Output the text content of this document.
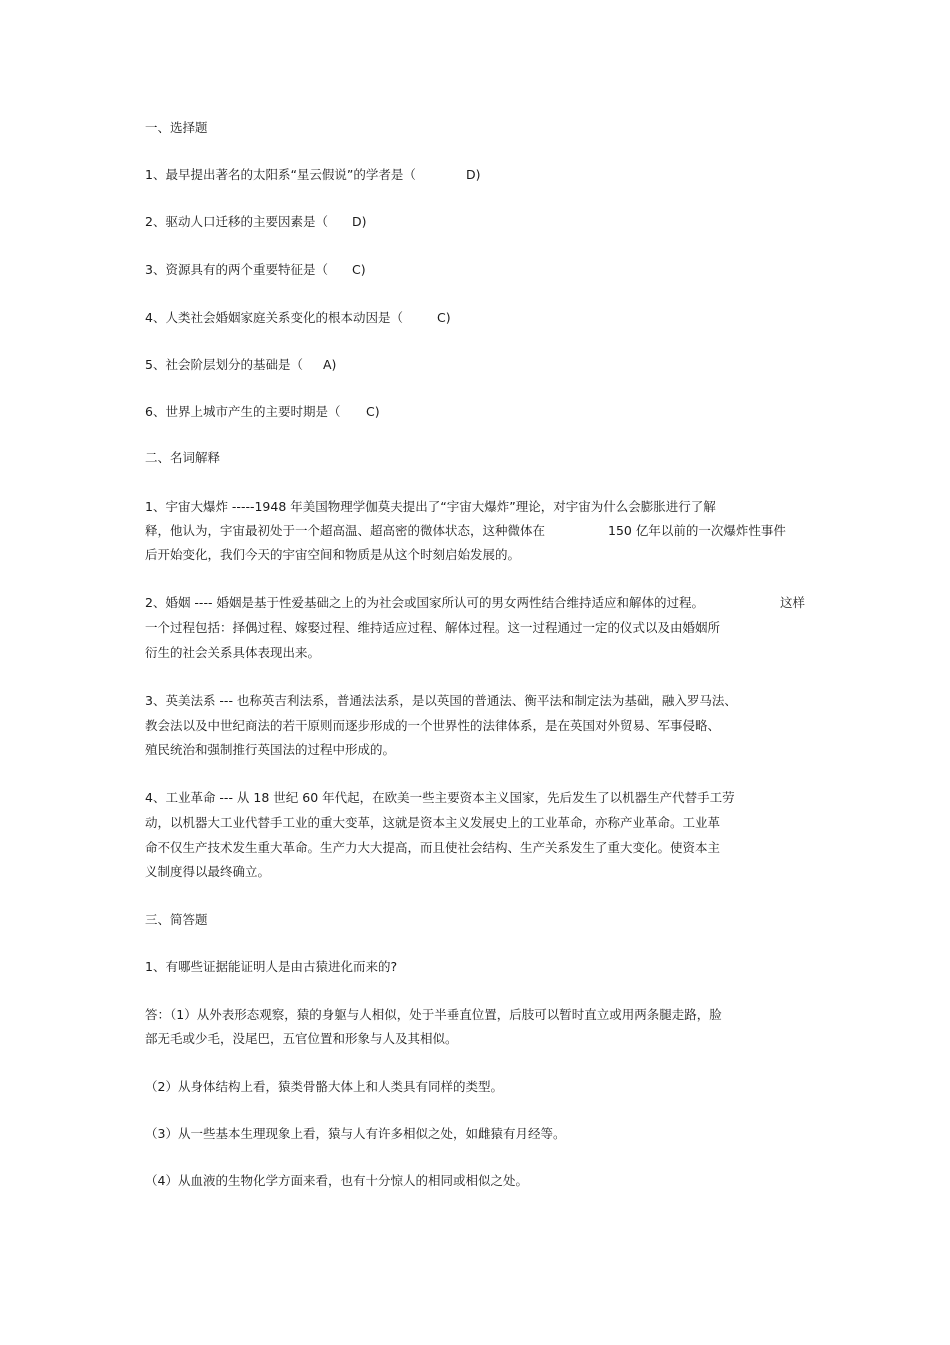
一、选择题
1、最早提出著名的太阳系“星云假说”的学者是（	D)
2、驱动人口迁移的主要因素是（ D)
3、资源具有的两个重要特征是（ C)
4、人类社会婚姻家庭关系变化的根本动因是（	C)
5、社会阶层划分的基础是（ A)
6、世界上城市产生的主要时期是（ C)
二、名词解释
1、宇宙大爆炸 -----1948 年美国物理学伽莫夫提出了“宇宙大爆炸”理论，对宇宙为什么会膨胀进行了解
释，他认为，宇宙最初处于一个超高温、超高密的微体状态，这种微体在	150 亿年以前的一次爆炸性事件
后开始变化，我们今天的宇宙空间和物质是从这个时刻启始发展的。
2、婚姻 ---- 婚姻是基于性爱基础之上的为社会或国家所认可的男女两性结合维持适应和解体的过程。	这样
一个过程包括：择偶过程、嫁娶过程、维持适应过程、解体过程。这一过程通过一定的仪式以及由婚姻所
衍生的社会关系具体表现出来。
3、英美法系 --- 也称英吉利法系，普通法法系，是以英国的普通法、衡平法和制定法为基础，融入罗马法、
教会法以及中世纪商法的若干原则而逐步形成的一个世界性的法律体系，是在英国对外贸易、军事侵略、
殖民统治和强制推行英国法的过程中形成的。
4、工业革命 --- 从 18 世纪 60 年代起，在欧美一些主要资本主义国家，先后发生了以机器生产代替手工劳
动，以机器大工业代替手工业的重大变革，这就是资本主义发展史上的工业革命，亦称产业革命。工业革
命不仅生产技术发生重大革命。生产力大大提高，而且使社会结构、生产关系发生了重大变化。使资本主
义制度得以最终确立。
三、简答题
1、有哪些证据能证明人是由古猿进化而来的?
答：（1）从外表形态观察，猿的身躯与人相似，处于半垂直位置，后肢可以暂时直立或用两条腿走路，脸
部无毛或少毛，没尾巴，五官位置和形象与人及其相似。
（2）从身体结构上看，猿类骨骼大体上和人类具有同样的类型。
（3）从一些基本生理现象上看，猿与人有许多相似之处，如雌猿有月经等。
（4）从血液的生物化学方面来看，也有十分惊人的相同或相似之处。
